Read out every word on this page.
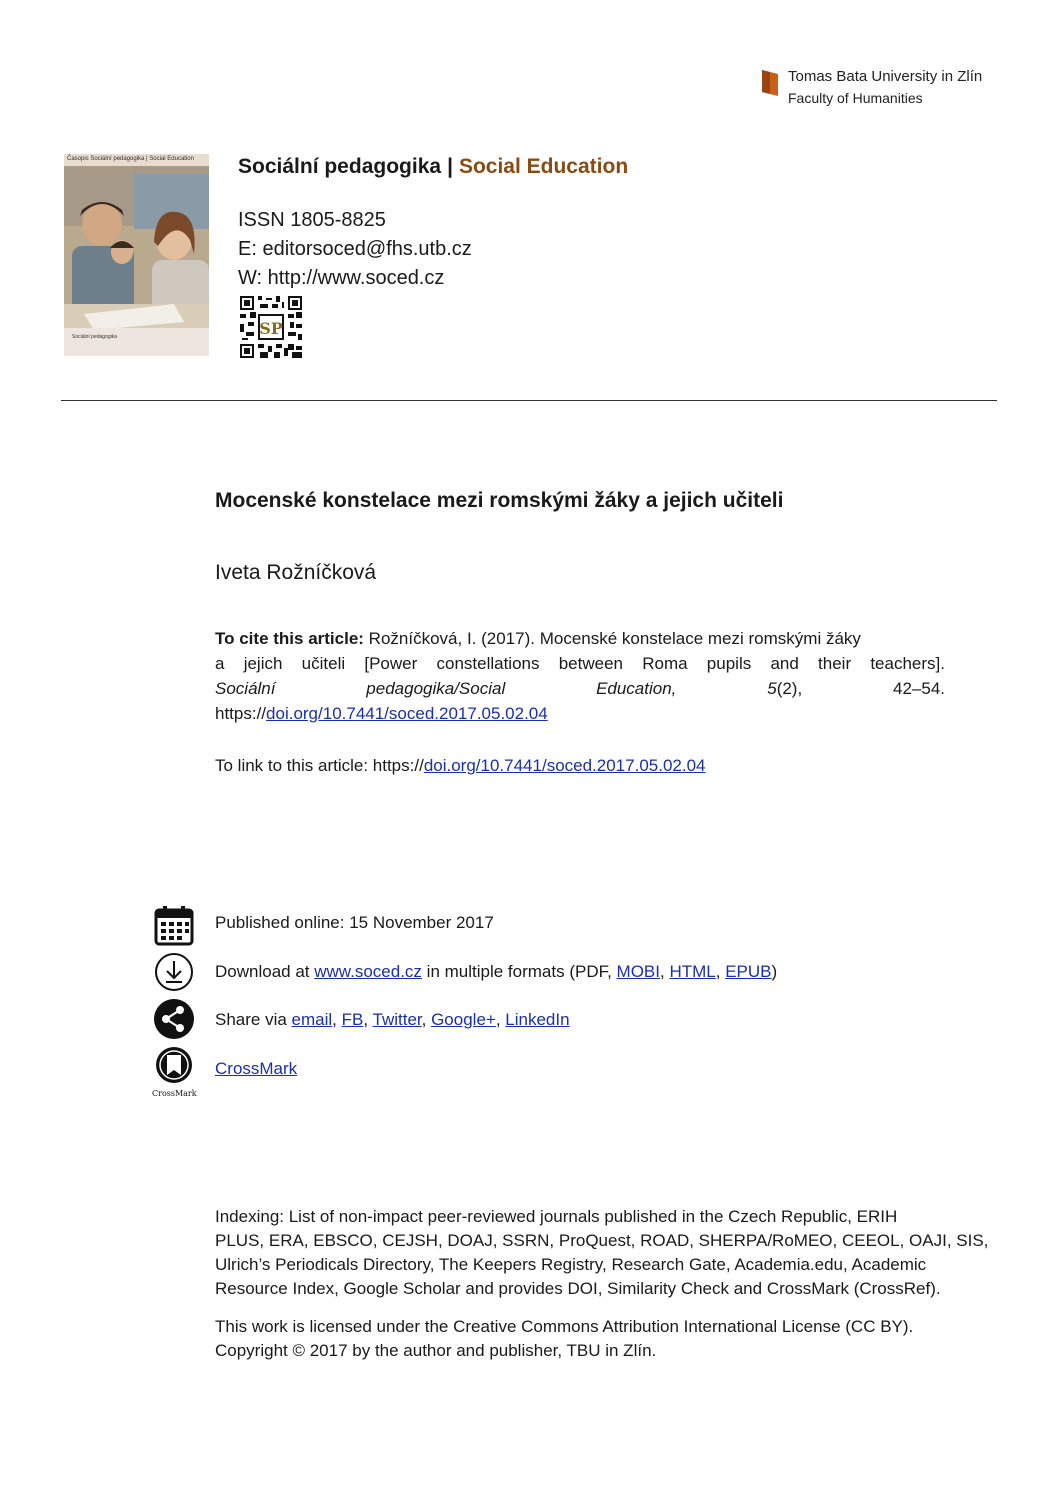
Tomas Bata University in Zlín
Faculty of Humanities
Časopis Sociální pedagogika | Social Education
Sociální pedagogika
Sociální pedagogika | Social Education
ISSN 1805-8825
E: editorsoced@fhs.utb.cz
W: http://www.soced.cz
SP
Mocenské konstelace mezi romskými žáky a jejich učiteli
Iveta Rožníčková
To cite this article: Rožníčková, I. (2017). Mocenské konstelace mezi romskými žáky
a jejich učiteli [Power constellations between Roma pupils and their teachers].
Sociální	pedagogika/Social	Education,	5(2),	42–54.
https://doi.org/10.7441/soced.2017.05.02.04
To link to this article: https://doi.org/10.7441/soced.2017.05.02.04
Published online: 15 November 2017
Download at www.soced.cz in multiple formats (PDF, MOBI, HTML, EPUB)
Share via email, FB, Twitter, Google+, LinkedIn
CrossMark
CrossMark
Indexing: List of non-impact peer-reviewed journals published in the Czech Republic, ERIH
PLUS, ERA, EBSCO, CEJSH, DOAJ, SSRN, ProQuest, ROAD, SHERPA/RoMEO, CEEOL, OAJI, SIS,
Ulrich’s Periodicals Directory, The Keepers Registry, Research Gate, Academia.edu, Academic
Resource Index, Google Scholar and provides DOI, Similarity Check and CrossMark (CrossRef).
This work is licensed under the Creative Commons Attribution International License (CC BY).
Copyright © 2017 by the author and publisher, TBU in Zlín.
